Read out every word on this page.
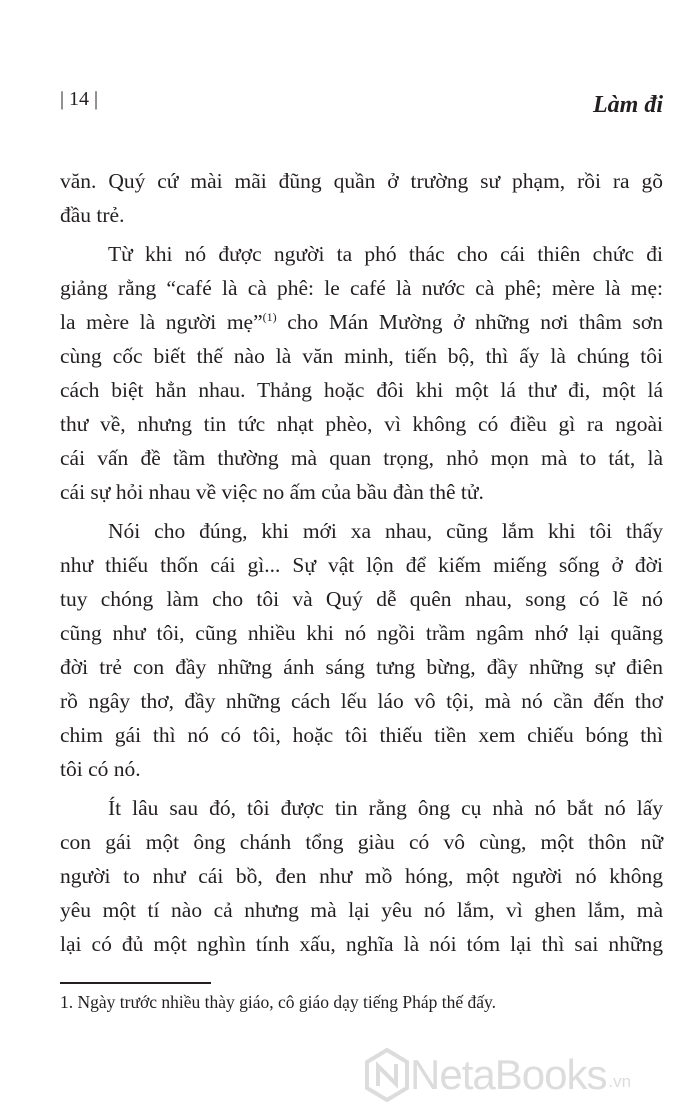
| 14 |	Làm đi
văn. Quý cứ mài mãi đũng quần ở trường sư phạm, rồi ra gõ
đầu trẻ.
Từ khi nó được người ta phó thác cho cái thiên chức đi
giảng rằng “café là cà phê: le café là nước cà phê; mère là mẹ:
la mère là người mẹ”$^{(1)}$ cho Mán Mường ở những nơi thâm sơn
cùng cốc biết thế nào là văn minh, tiến bộ, thì ấy là chúng tôi
cách biệt hẳn nhau. Thảng hoặc đôi khi một lá thư đi, một lá
thư về, nhưng tin tức nhạt phèo, vì không có điều gì ra ngoài
cái vấn đề tầm thường mà quan trọng, nhỏ mọn mà to tát, là
cái sự hỏi nhau về việc no ấm của bầu đàn thê tử.
Nói cho đúng, khi mới xa nhau, cũng lắm khi tôi thấy
như thiếu thốn cái gì... Sự vật lộn để kiếm miếng sống ở đời
tuy chóng làm cho tôi và Quý dễ quên nhau, song có lẽ nó
cũng như tôi, cũng nhiều khi nó ngồi trầm ngâm nhớ lại quãng
đời trẻ con đầy những ánh sáng tưng bừng, đầy những sự điên
rồ ngây thơ, đầy những cách lếu láo vô tội, mà nó cần đến thơ
chim gái thì nó có tôi, hoặc tôi thiếu tiền xem chiếu bóng thì
tôi có nó.
Ít lâu sau đó, tôi được tin rằng ông cụ nhà nó bắt nó lấy
con gái một ông chánh tổng giàu có vô cùng, một thôn nữ
người to như cái bồ, đen như mồ hóng, một người nó không
yêu một tí nào cả nhưng mà lại yêu nó lắm, vì ghen lắm, mà
lại có đủ một nghìn tính xấu, nghĩa là nói tóm lại thì sai những
1. Ngày trước nhiều thày giáo, cô giáo dạy tiếng Pháp thế đấy.
NetaBooks .vn
